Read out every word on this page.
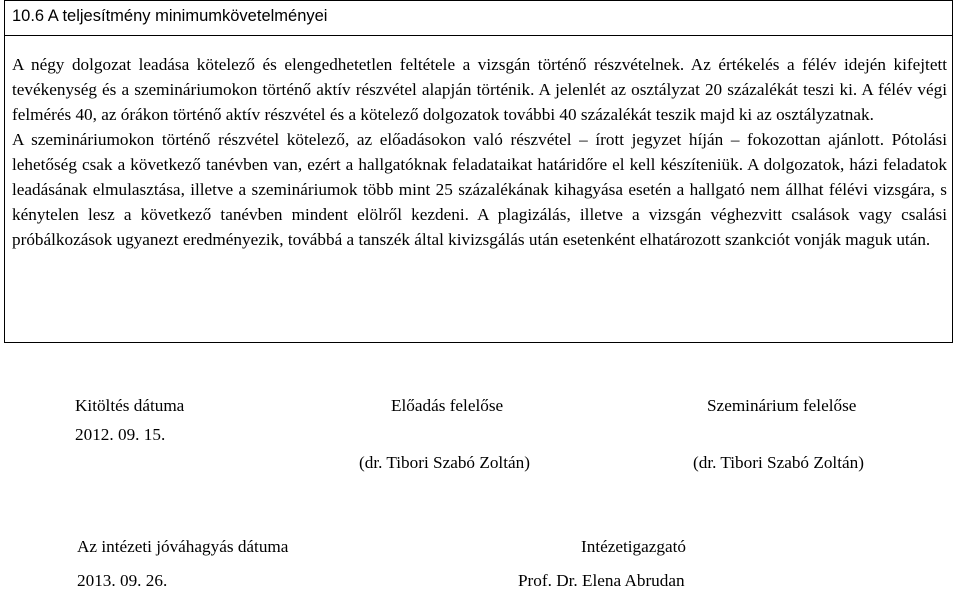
10.6 A teljesítmény minimumkövetelményei

A négy dolgozat leadása kötelező és elengedhetetlen feltétele a vizsgán történő részvételnek. Az értékelés a félév idején kifejtett tevékenység és a szemináriumokon történő aktív részvétel alapján történik. A jelenlét az osztályzat 20 százalékát teszi ki. A félév végi felmérés 40, az órákon történő aktív részvétel és a kötelező dolgozatok további 40 százalékát teszik majd ki az osztályzatnak.

A szemináriumokon történő részvétel kötelező, az előadásokon való részvétel – írott jegyzet híján – fokozottan ajánlott. Pótolási lehetőség csak a következő tanévben van, ezért a hallgatóknak feladataikat határidőre el kell készíteniük. A dolgozatok, házi feladatok leadásának elmulasztása, illetve a szemináriumok több mint 25 százalékának kihagyása esetén a hallgató nem állhat félévi vizsgára, s kénytelen lesz a következő tanévben mindent elölről kezdeni. A plagizálás, illetve a vizsgán véghezvitt csalások vagy csalási próbálkozások ugyanezt eredményezik, továbbá a tanszék által kivizsgálás után esetenként elhatározott szankciót vonják maguk után.

Kitöltés dátuma
2012. 09. 15.
Előadás felelőse
(dr. Tibori Szabó Zoltán)
Szeminárium felelőse
(dr. Tibori Szabó Zoltán)
Az intézeti jóváhagyás dátuma
2013. 09. 26.
Intézetigazgató
Prof. Dr. Elena Abrudan
